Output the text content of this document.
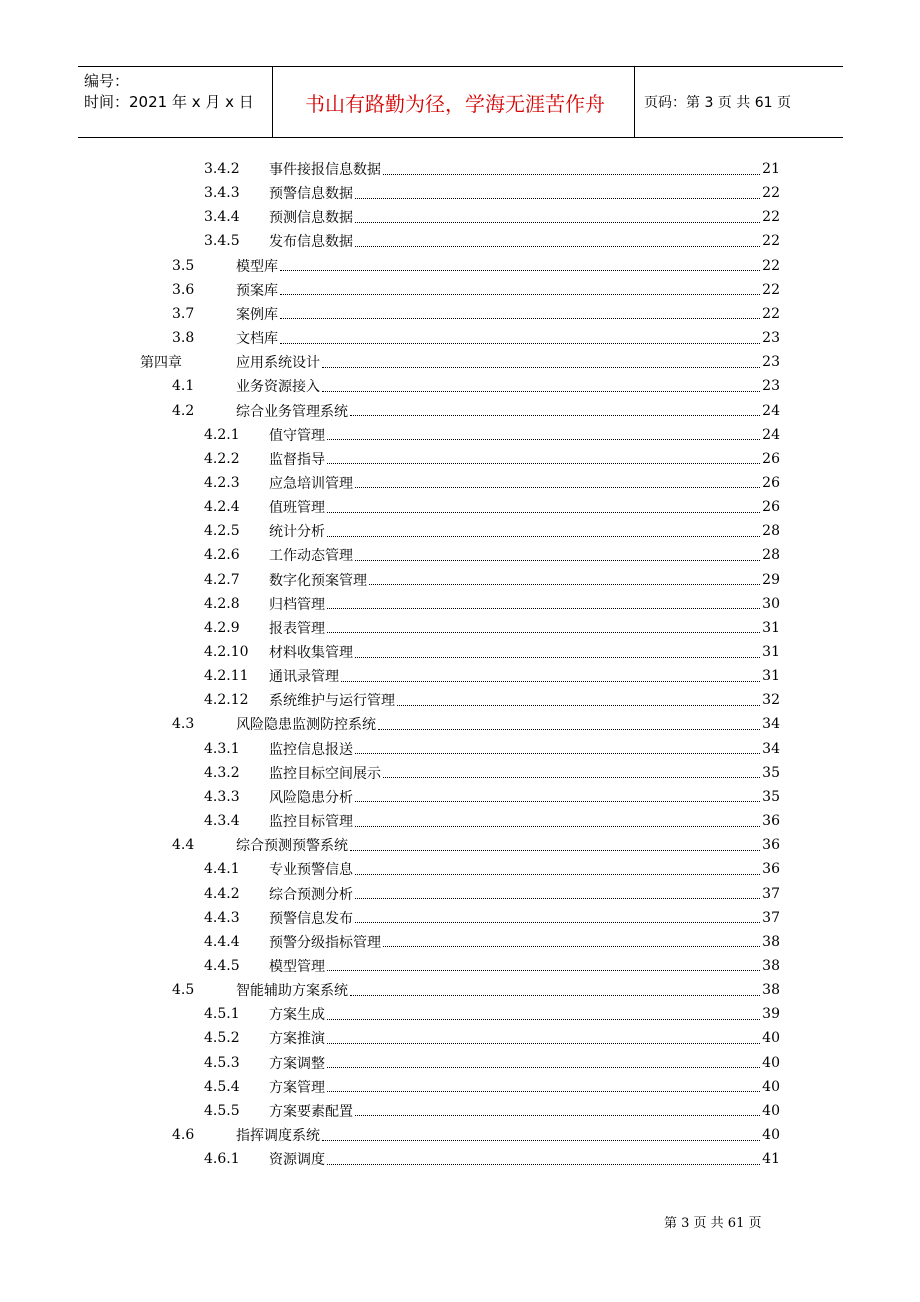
编号：
时间：2021 年 x 月 x 日	书山有路勤为径，学海无涯苦作舟	页码：第 3 页 共 61 页
3.4.2	事件接报信息数据	21
3.4.3	预警信息数据	22
3.4.4	预测信息数据	22
3.4.5	发布信息数据	22
3.5	模型库	22
3.6	预案库	22
3.7	案例库	22
3.8	文档库	23
第四章	应用系统设计	23
4.1	业务资源接入	23
4.2	综合业务管理系统	24
4.2.1	值守管理	24
4.2.2	监督指导	26
4.2.3	应急培训管理	26
4.2.4	值班管理	26
4.2.5	统计分析	28
4.2.6	工作动态管理	28
4.2.7	数字化预案管理	29
4.2.8	归档管理	30
4.2.9	报表管理	31
4.2.10	材料收集管理	31
4.2.11	通讯录管理	31
4.2.12	系统维护与运行管理	32
4.3	风险隐患监测防控系统	34
4.3.1	监控信息报送	34
4.3.2	监控目标空间展示	35
4.3.3	风险隐患分析	35
4.3.4	监控目标管理	36
4.4	综合预测预警系统	36
4.4.1	专业预警信息	36
4.4.2	综合预测分析	37
4.4.3	预警信息发布	37
4.4.4	预警分级指标管理	38
4.4.5	模型管理	38
4.5	智能辅助方案系统	38
4.5.1	方案生成	39
4.5.2	方案推演	40
4.5.3	方案调整	40
4.5.4	方案管理	40
4.5.5	方案要素配置	40
4.6	指挥调度系统	40
4.6.1	资源调度	41
第 3 页 共 61 页
